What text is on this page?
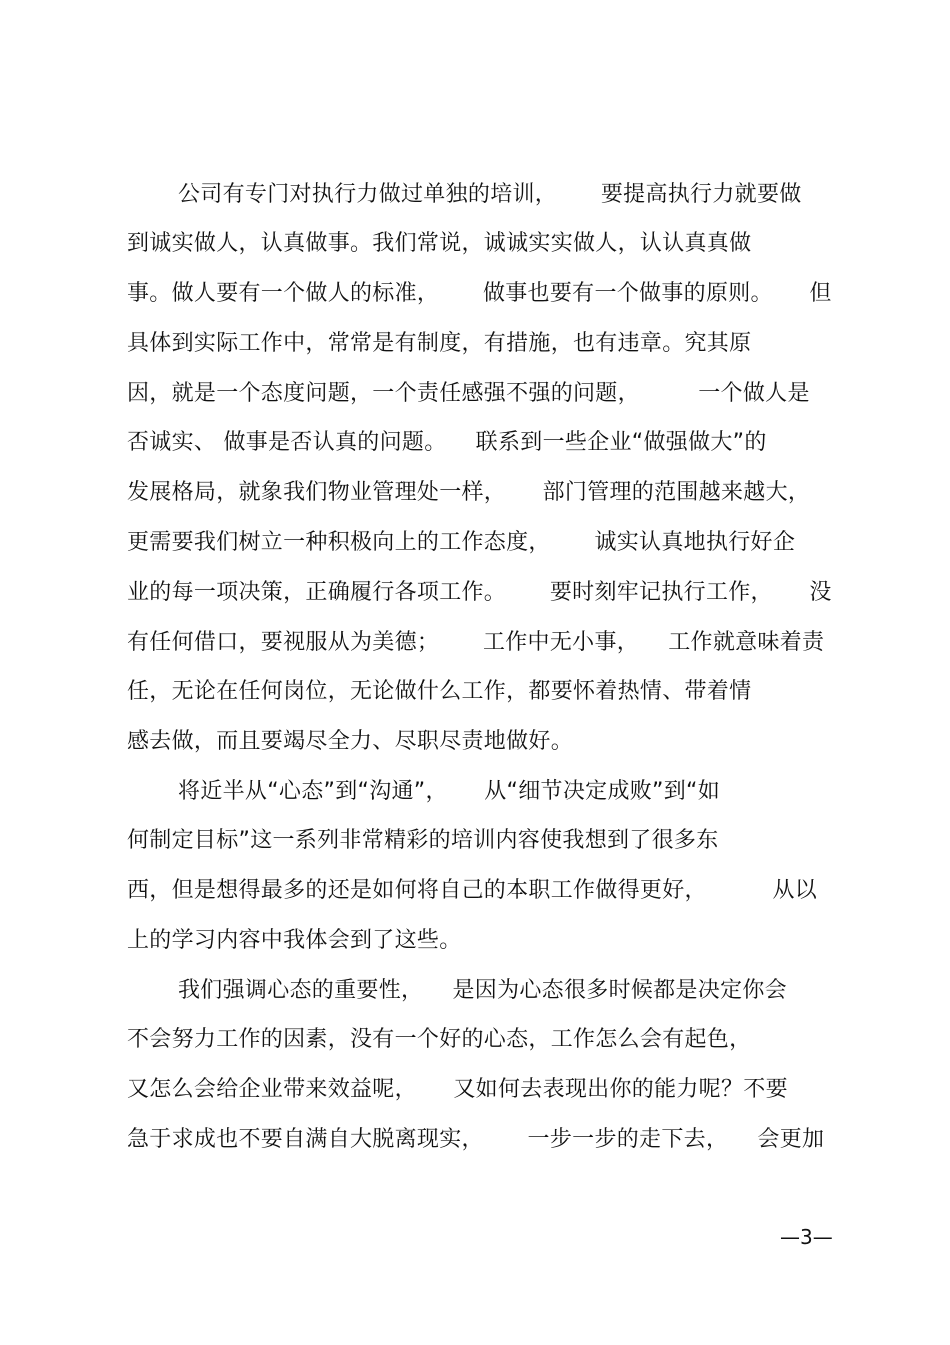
公司有专门对执行力做过单独的培训，      要提高执行力就要做
到诚实做人，认真做事。我们常说，诚诚实实做人，认认真真做
事。做人要有一个做人的标准，      做事也要有一个做事的原则。     但
具体到实际工作中，常常是有制度，有措施，也有违章。究其原
因，就是一个态度问题，一个责任感强不强的问题，        一个做人是
否诚实、 做事是否认真的问题。    联系到一些企业“做强做大”的
发展格局，就象我们物业管理处一样，     部门管理的范围越来越大，
更需要我们树立一种积极向上的工作态度，      诚实认真地执行好企
业的每一项决策，正确履行各项工作。      要时刻牢记执行工作，     没
有任何借口，要视服从为美德；      工作中无小事，    工作就意味着责
任，无论在任何岗位，无论做什么工作，都要怀着热情、带着情
感去做，而且要竭尽全力、尽职尽责地做好。
将近半从“心态”到“沟通”，     从“细节决定成败”到“如
何制定目标”这一系列非常精彩的培训内容使我想到了很多东
西，但是想得最多的还是如何将自己的本职工作做得更好，         从以
上的学习内容中我体会到了这些。
我们强调心态的重要性，    是因为心态很多时候都是决定你会
不会努力工作的因素，没有一个好的心态，工作怎么会有起色，
又怎么会给企业带来效益呢，     又如何去表现出你的能力呢？不要
急于求成也不要自满自大脱离现实，      一步一步的走下去，    会更加
—3—
